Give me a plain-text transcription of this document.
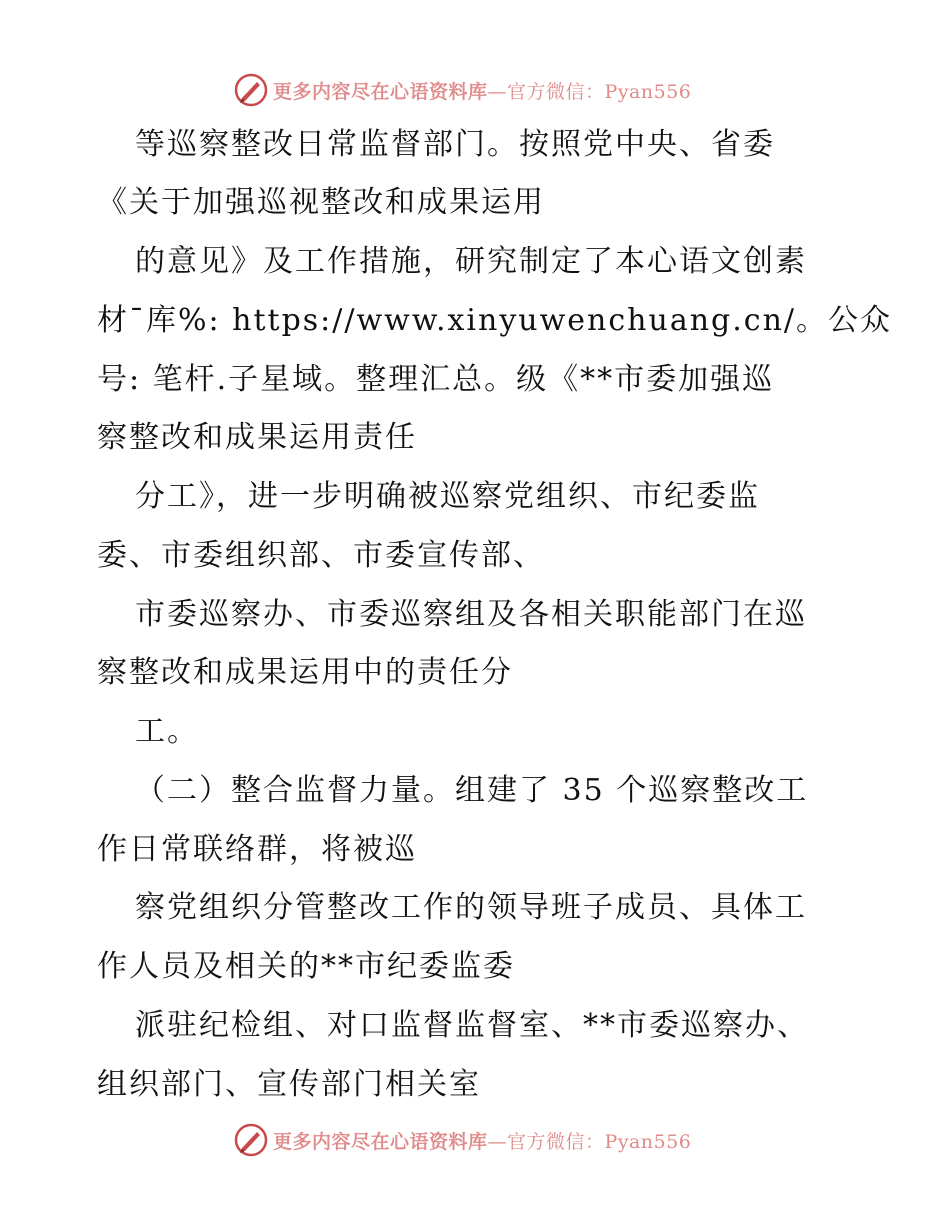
更多内容尽在心语资料库—官方微信：Pyan556
等巡察整改日常监督部门。按照党中央、省委
《关于加强巡视整改和成果运用
的意见》及工作措施，研究制定了本心语文创素
材¯库%: https://www.xinyuwenchuang.cn/。公众
号: 笔杆.子星域。整理汇总。级《**市委加强巡
察整改和成果运用责任
分工》，进一步明确被巡察党组织、市纪委监
委、市委组织部、市委宣传部、
市委巡察办、市委巡察组及各相关职能部门在巡
察整改和成果运用中的责任分
工。
（二）整合监督力量。组建了 35 个巡察整改工
作日常联络群，将被巡
察党组织分管整改工作的领导班子成员、具体工
作人员及相关的**市纪委监委
派驻纪检组、对口监督监督室、**市委巡察办、
组织部门、宣传部门相关室
更多内容尽在心语资料库—官方微信：Pyan556
